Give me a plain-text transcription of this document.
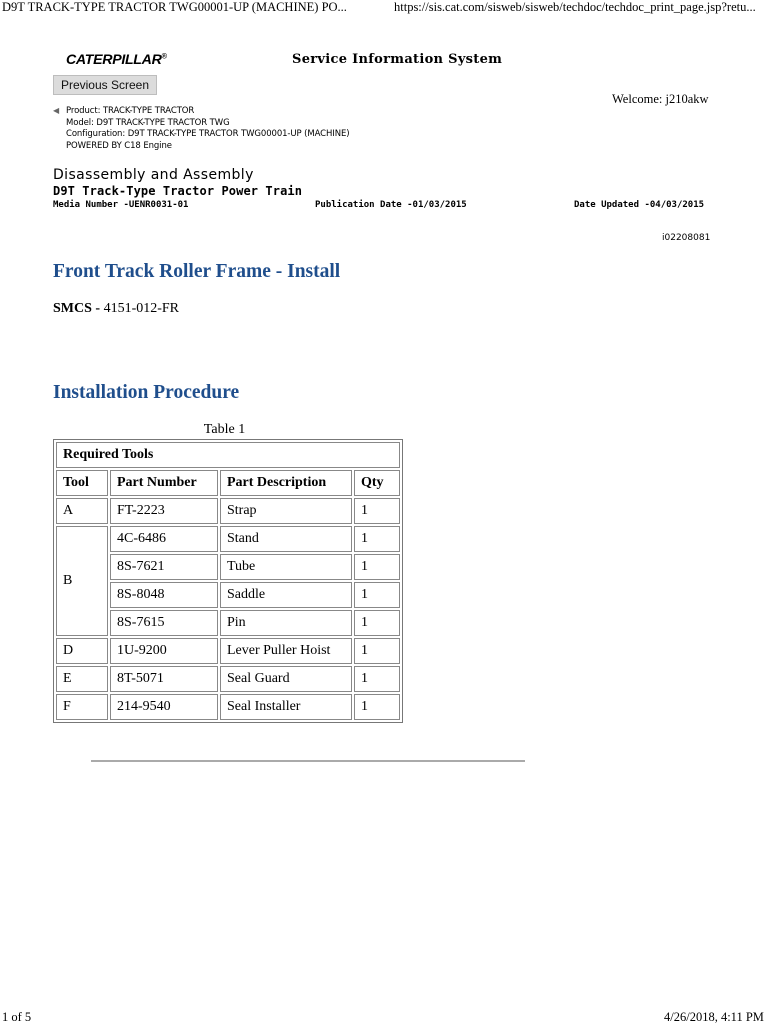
D9T TRACK-TYPE TRACTOR TWG00001-UP (MACHINE) PO...	https://sis.cat.com/sisweb/sisweb/techdoc/techdoc_print_page.jsp?retu...
CATERPILLAR®	Service Information System
Previous Screen
Welcome: j210akw
◀ Product: TRACK-TYPE TRACTOR
Model: D9T TRACK-TYPE TRACTOR TWG
Configuration: D9T TRACK-TYPE TRACTOR TWG00001-UP (MACHINE)
POWERED BY C18 Engine
Disassembly and Assembly
D9T Track-Type Tractor Power Train
Media Number -UENR0031-01	Publication Date -01/03/2015	Date Updated -04/03/2015
i02208081
Front Track Roller Frame - Install
SMCS - 4151-012-FR
Installation Procedure
Table 1
Required Tools			
Tool	Part Number	Part Description	Qty
A	FT-2223	Strap	1
B	4C-6486	Stand	1
	8S-7621	Tube	1
	8S-8048	Saddle	1
	8S-7615	Pin	1
D	1U-9200	Lever Puller Hoist	1
E	8T-5071	Seal Guard	1
F	214-9540	Seal Installer	1
1 of 5	4/26/2018, 4:11 PM
